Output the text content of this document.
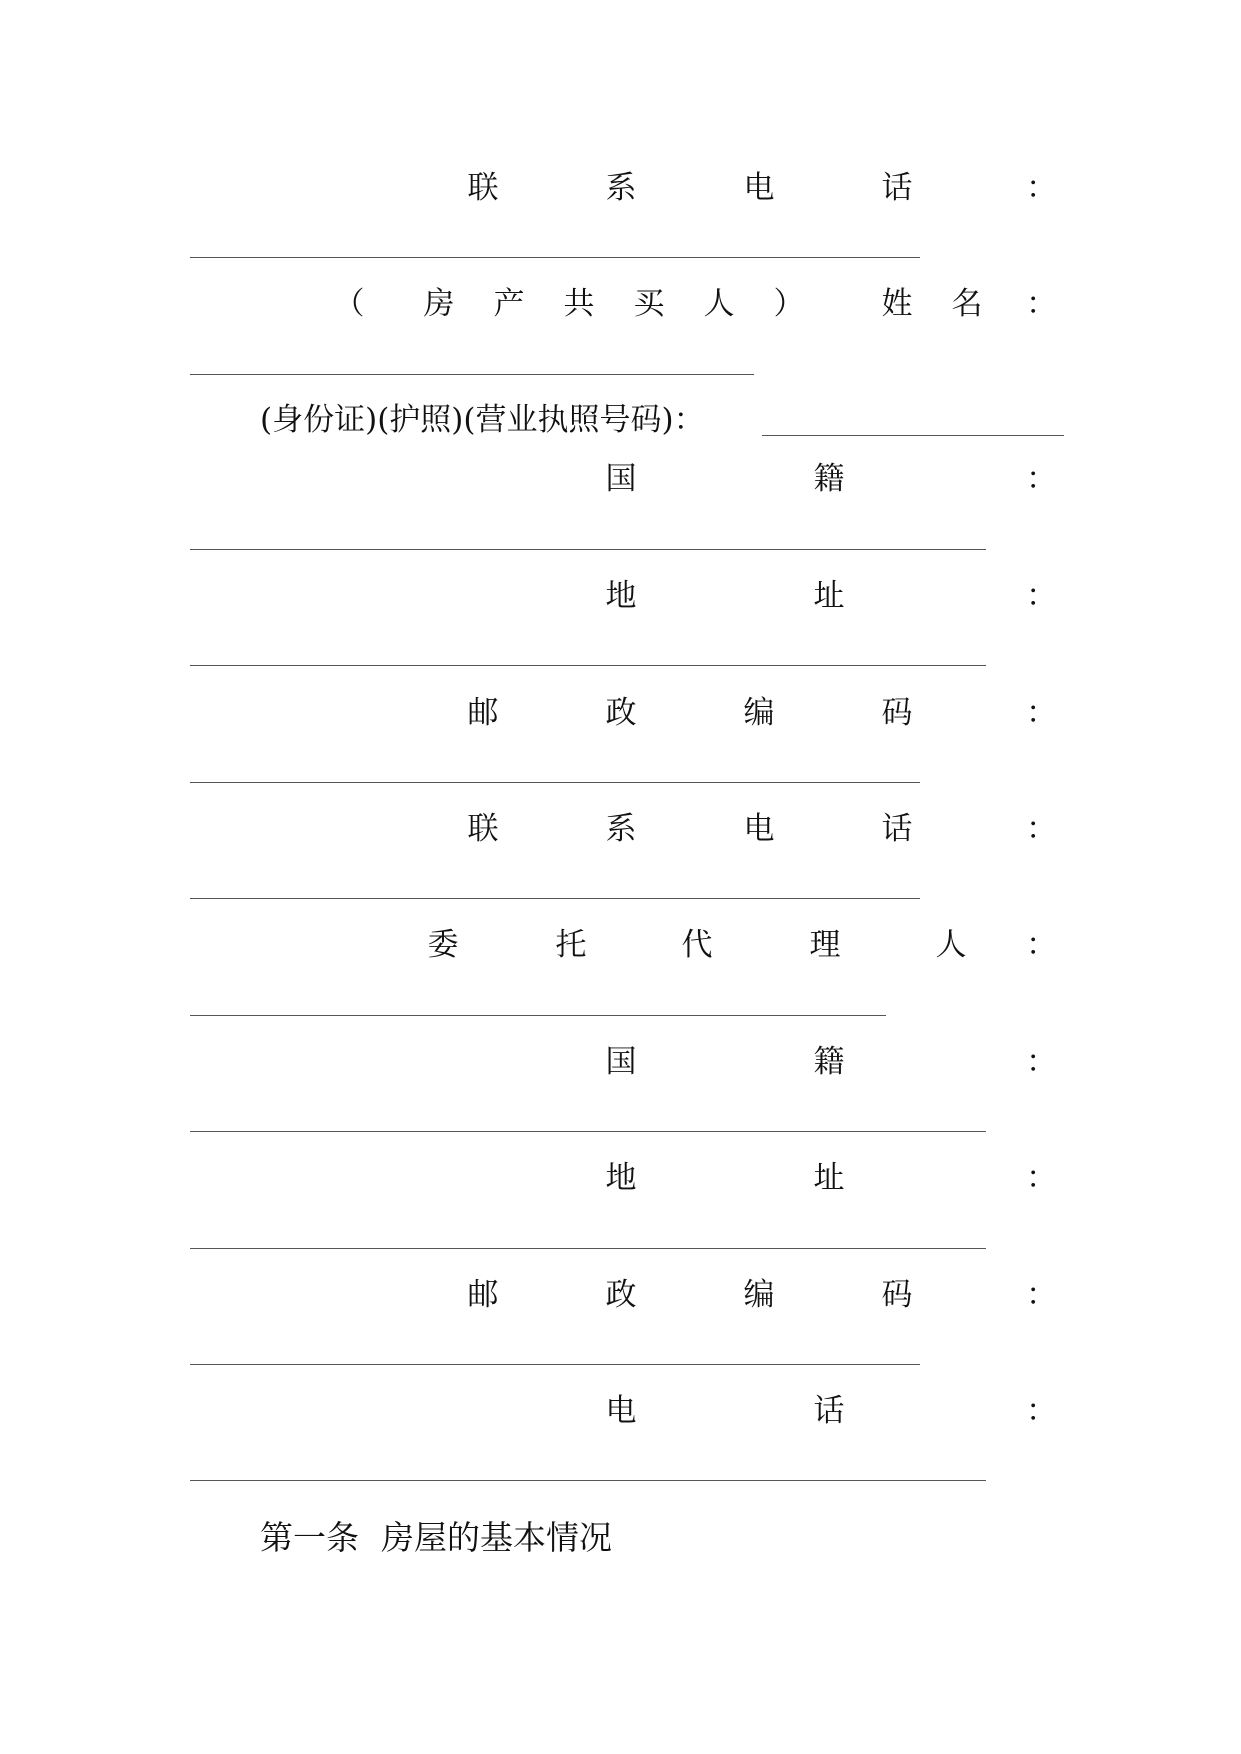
联	系	电	话	：
（ 房 产 共 买 人 ） 姓 名 ：
(身份证)(护照)(营业执照号码)：
国	籍	：
地	址	：
邮	政	编	码	：
联	系	电	话	：
委	托	代	理	人 ：
国	籍	：
地	址	：
邮	政	编	码	：
电	话	：
第一条 房屋的基本情况
